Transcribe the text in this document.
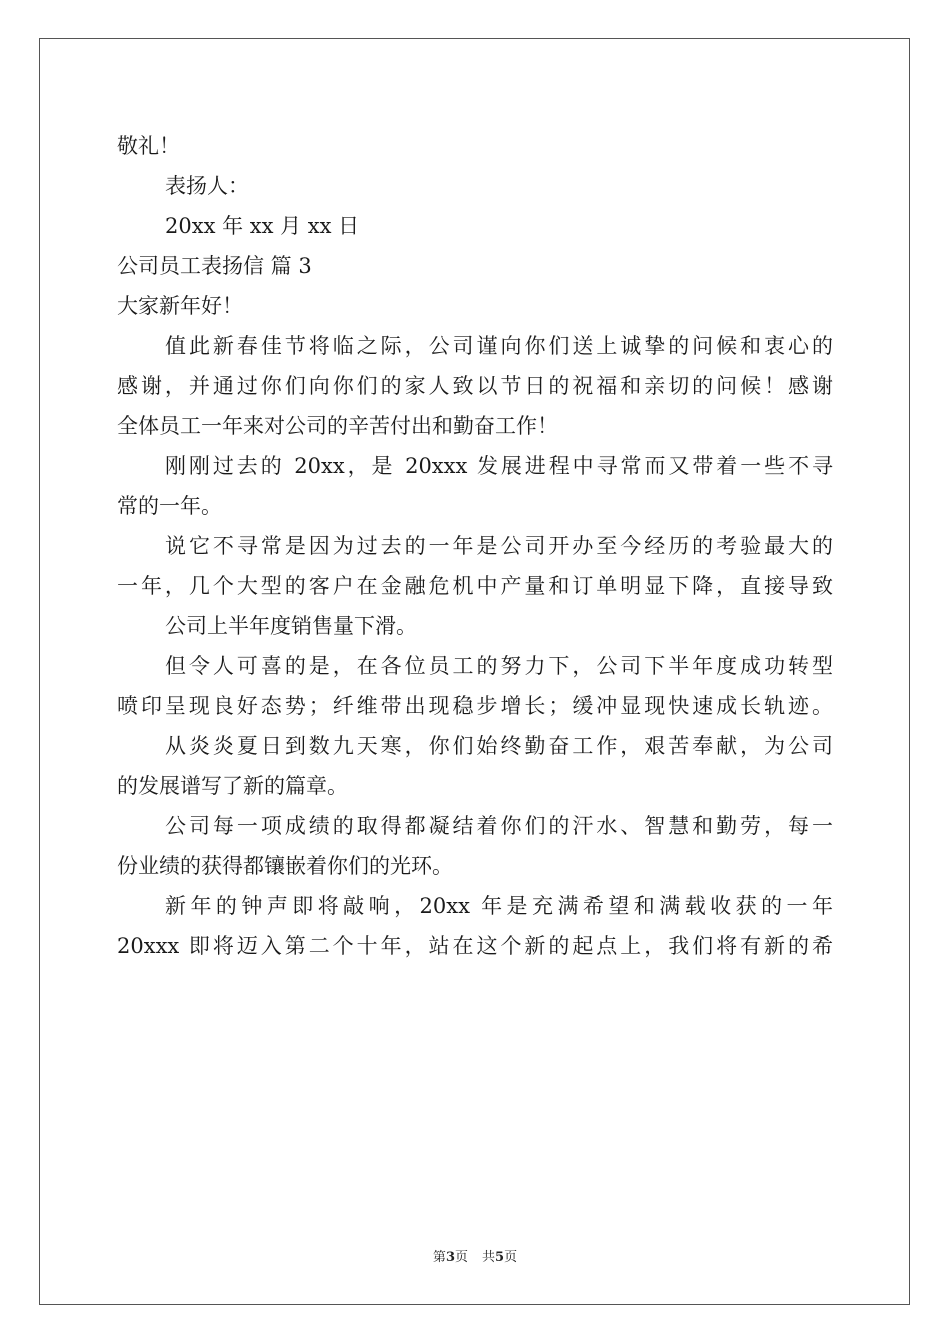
敬礼！
表扬人：
20xx 年 xx 月 xx 日
公司员工表扬信 篇 3
大家新年好！
值此新春佳节将临之际，公司谨向你们送上诚挚的问候和衷心的
感谢，并通过你们向你们的家人致以节日的祝福和亲切的问候！感谢
全体员工一年来对公司的辛苦付出和勤奋工作！
刚刚过去的 20xx，是 20xxx 发展进程中寻常而又带着一些不寻
常的一年。
说它不寻常是因为过去的一年是公司开办至今经历的考验最大的
一年，几个大型的客户在金融危机中产量和订单明显下降，直接导致
公司上半年度销售量下滑。
但令人可喜的是，在各位员工的努力下，公司下半年度成功转型
喷印呈现良好态势；纤维带出现稳步增长；缓冲显现快速成长轨迹。
从炎炎夏日到数九天寒，你们始终勤奋工作，艰苦奉献，为公司
的发展谱写了新的篇章。
公司每一项成绩的取得都凝结着你们的汗水、智慧和勤劳，每一
份业绩的获得都镶嵌着你们的光环。
新年的钟声即将敲响，20xx 年是充满希望和满载收获的一年
20xxx 即将迈入第二个十年，站在这个新的起点上，我们将有新的希
第3页 共5页
